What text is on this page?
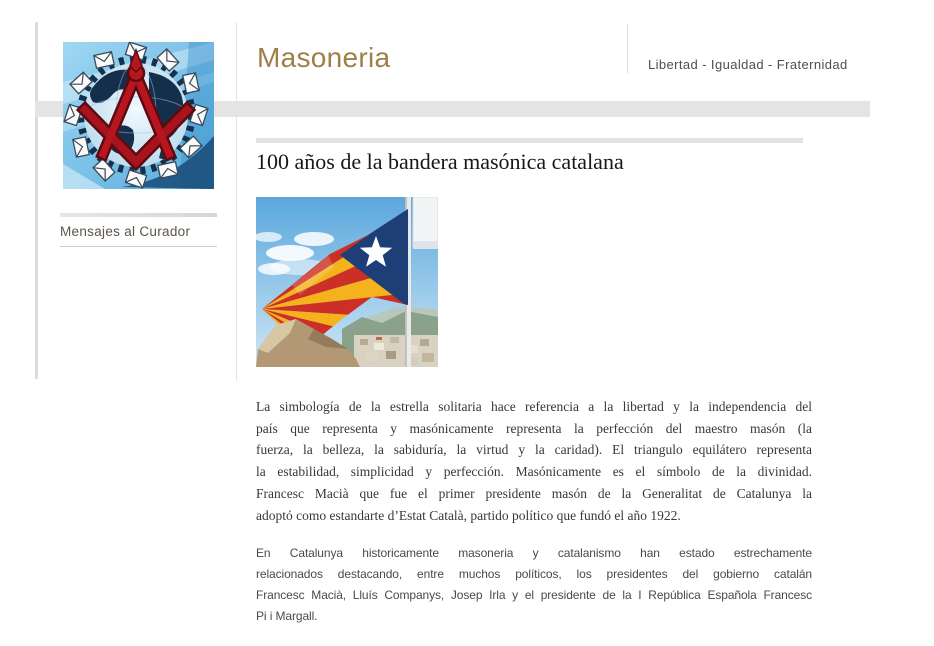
Masoneria	Libertad - Igualdad - Fraternidad
Mensajes al Curador
100 años de la bandera masónica catalana
La simbología de la estrella solitaria hace referencia a la libertad y la independencia del
país que representa y masónicamente representa la perfección del maestro masón (la
fuerza, la belleza, la sabiduría, la virtud y la caridad). El triangulo equilátero representa
la estabilidad, simplicidad y perfección. Masónicamente es el símbolo de la divinidad.
Francesc Macià que fue el primer presidente masón de la Generalitat de Catalunya la
adoptó como estandarte d’Estat Català, partido político que fundó el año 1922.
En Catalunya historicamente masoneria y catalanismo han estado estrechamente
relacionados destacando, entre muchos políticos, los presidentes del gobierno catalán
Francesc Macià, Lluís Companys, Josep Irla y el presidente de la I República Española Francesc
Pi i Margall.
